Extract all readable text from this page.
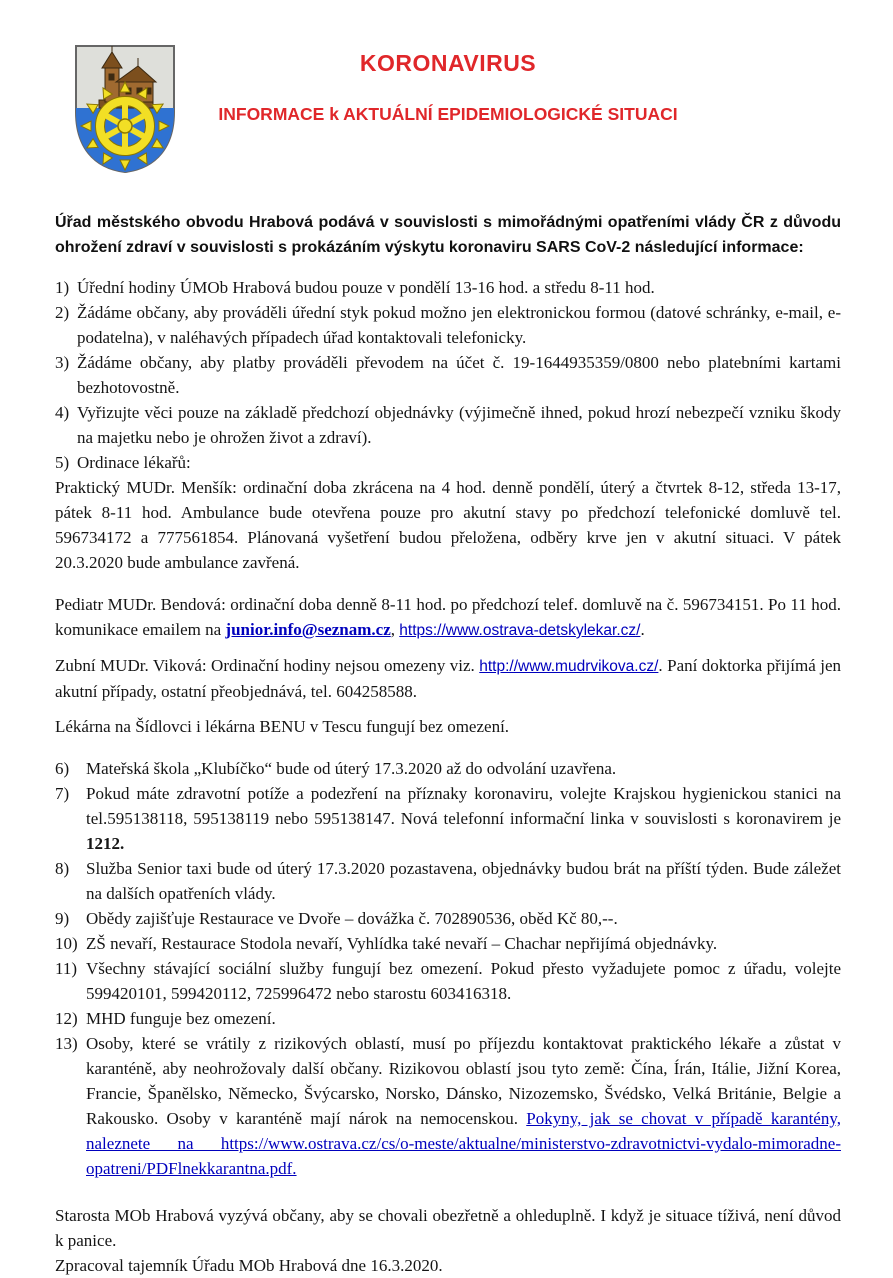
KORONAVIRUS
INFORMACE k AKTUÁLNÍ EPIDEMIOLOGICKÉ SITUACI

Úřad městského obvodu Hrabová podává v souvislosti s mimořádnými opatřeními vlády ČR z důvodu ohrožení zdraví v souvislosti s prokázáním výskytu koronaviru SARS CoV-2 následující informace:

1) Úřední hodiny ÚMOb Hrabová budou pouze v pondělí 13-16 hod. a středu 8-11 hod.
2) Žádáme občany, aby prováděli úřední styk pokud možno jen elektronickou formou (datové schránky, e-mail, e-podatelna), v naléhavých případech úřad kontaktovali telefonicky.
3) Žádáme občany, aby platby prováděli převodem na účet č. 19-1644935359/0800 nebo platebními kartami bezhotovostně.
4) Vyřizujte věci pouze na základě předchozí objednávky (výjimečně ihned, pokud hrozí nebezpečí vzniku škody na majetku nebo je ohrožen život a zdraví).
5) Ordinace lékařů:

Praktický MUDr. Menšík: ordinační doba zkrácena na 4 hod. denně pondělí, úterý a čtvrtek 8-12, středa 13-17, pátek 8-11 hod. Ambulance bude otevřena pouze pro akutní stavy po předchozí telefonické domluvě tel. 596734172 a 777561854. Plánovaná vyšetření budou přeložena, odběry krve jen v akutní situaci. V pátek 20.3.2020 bude ambulance zavřená.

Pediatr MUDr. Bendová: ordinační doba denně 8-11 hod. po předchozí telef. domluvě na č. 596734151. Po 11 hod. komunikace emailem na junior.info@seznam.cz, https://www.ostrava-detskylekar.cz/.

Zubní MUDr. Viková: Ordinační hodiny nejsou omezeny viz. http://www.mudrvikova.cz/. Paní doktorka přijímá jen akutní případy, ostatní přeobjednává, tel. 604258588.

Lékárna na Šídlovci i lékárna BENU v Tescu fungují bez omezení.

6) Mateřská škola „Klubíčko“ bude od úterý 17.3.2020 až do odvolání uzavřena.
7) Pokud máte zdravotní potíže a podezření na příznaky koronaviru, volejte Krajskou hygienickou stanici na tel.595138118, 595138119 nebo 595138147. Nová telefonní informační linka v souvislosti s koronavirem je 1212.
8) Služba Senior taxi bude od úterý 17.3.2020 pozastavena, objednávky budou brát na příští týden. Bude záležet na dalších opatřeních vlády.
9) Obědy zajišťuje Restaurace ve Dvoře – dovážka č. 702890536, oběd Kč 80,--.
10) ZŠ nevaří, Restaurace Stodola nevaří, Vyhlídka také nevaří – Chachar nepřijímá objednávky.
11) Všechny stávající sociální služby fungují bez omezení. Pokud přesto vyžadujete pomoc z úřadu, volejte 599420101, 599420112, 725996472 nebo starostu 603416318.
12) MHD funguje bez omezení.
13) Osoby, které se vrátily z rizikových oblastí, musí po příjezdu kontaktovat praktického lékaře a zůstat v karanténě, aby neohrožovaly další občany. Rizikovou oblastí jsou tyto země: Čína, Írán, Itálie, Jižní Korea, Francie, Španělsko, Německo, Švýcarsko, Norsko, Dánsko, Nizozemsko, Švédsko, Velká Británie, Belgie a Rakousko. Osoby v karanténě mají nárok na nemocenskou. Pokyny, jak se chovat v případě karantény, naleznete na https://www.ostrava.cz/cs/o-meste/aktualne/ministerstvo-zdravotnictvi-vydalo-mimoradne-opatreni/PDFlnekkarantna.pdf.

Starosta MOb Hrabová vyzývá občany, aby se chovali obezřetně a ohleduplně. I když je situace tíživá, není důvod k panice.

Zpracoval tajemník Úřadu MOb Hrabová dne 16.3.2020.
